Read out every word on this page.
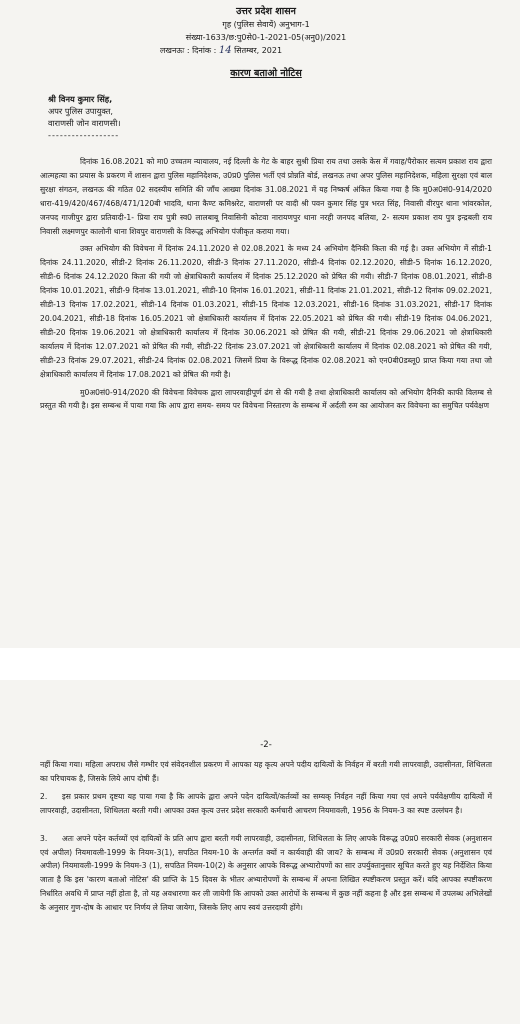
उत्तर प्रदेश शासन
गृह (पुलिस सेवायें) अनुभाग-1
संख्या-1633/छ:पु0से0-1-2021-05(अनु0)/2021
लखनऊः : दिनांक : 14 सितम्बर, 2021
कारण बताओ नोटिस
श्री विनय कुमार सिंह,
अपर पुलिस उपायुक्त,
वाराणसी जोन वाराणसी।
------------------

दिनांक 16.08.2021 को मा0 उच्चतम न्यायालय, नई दिल्ली के गेट के बाहर सुश्री प्रिया राय तथा उसके केस में गवाह/पैरोकार सत्यम प्रकाश राय द्वारा आत्महत्या का प्रयास के प्रकरण में शासन द्वारा पुलिस महानिदेशक, उ0प्र0 पुलिस भर्ती एवं प्रोन्नति बोर्ड, लखनऊ तथा अपर पुलिस महानिदेशक, महिला सुरक्षा एवं बाल सुरक्षा संगठन, लखनऊ की गठित 02 सदस्यीय समिति की जाँच आख्या दिनांक 31.08.2021 में यह निष्कर्ष अंकित किया गया है कि मु0अ0सं0-914/2020 धारा-419/420/467/468/471/120बी भादवि, थाना कैण्ट कमिश्नरेट, वाराणसी पर वादी श्री पवन कुमार सिंह पुत्र भरत सिंह, निवासी वीरपुर थाना भांवरकोल, जनपद गाजीपुर द्वारा प्रतिवादी-1- प्रिया राय पुत्री स्व0 लालबाबू निवासिनी कोटवा नारायणपुर थाना नरही जनपद बलिया, 2- सत्यम प्रकाश राय पुत्र इन्द्रबली राय निवासी लक्ष्मणपुर कालोनी थाना शिवपुर वाराणसी के विरूद्ध अभियोग पंजीकृत कराया गया।

उक्त अभियोग की विवेचना में दिनांक 24.11.2020 से 02.08.2021 के मध्य 24 अभियोग दैनिकी किता की गई है। उक्त अभियोग में सीडी-1 दिनांक 24.11.2020, सीडी-2 दिनांक 26.11.2020, सीडी-3 दिनांक 27.11.2020, सीडी-4 दिनांक 02.12.2020, सीडी-5 दिनांक 16.12.2020, सीडी-6 दिनांक 24.12.2020 किता की गयी जो क्षेत्राधिकारी कार्यालय में दिनांक 25.12.2020 को प्रेषित की गयी। सीडी-7 दिनांक 08.01.2021, सीडी-8 दिनांक 10.01.2021, सीडी-9 दिनांक 13.01.2021, सीडी-10 दिनांक 16.01.2021, सीडी-11 दिनांक 21.01.2021, सीडी-12 दिनांक 09.02.2021, सीडी-13 दिनांक 17.02.2021, सीडी-14 दिनांक 01.03.2021, सीडी-15 दिनांक 12.03.2021, सीडी-16 दिनांक 31.03.2021, सीडी-17 दिनांक 20.04.2021, सीडी-18 दिनांक 16.05.2021 जो क्षेत्राधिकारी कार्यालय में दिनांक 22.05.2021 को प्रेषित की गयी। सीडी-19 दिनांक 04.06.2021, सीडी-20 दिनांक 19.06.2021 जो क्षेत्राधिकारी कार्यालय में दिनांक 30.06.2021 को प्रेषित की गयी, सीडी-21 दिनांक 29.06.2021 जो क्षेत्राधिकारी कार्यालय में दिनांक 12.07.2021 को प्रेषित की गयी, सीडी-22 दिनांक 23.07.2021 जो क्षेत्राधिकारी कार्यालय में दिनांक 02.08.2021 को प्रेषित की गयी, सीडी-23 दिनांक 29.07.2021, सीडी-24 दिनांक 02.08.2021 जिसमें प्रिया के विरूद्ध दिनांक 02.08.2021 को एन0बी0डब्लू0 प्राप्त किया गया तथा जो क्षेत्राधिकारी कार्यालय में दिनांक 17.08.2021 को प्रेषित की गयी है।

मु0अ0सं0-914/2020 की विवेचना विवेचक द्वारा लापरवाहीपूर्ण ढंग से की गयी है तथा क्षेत्राधिकारी कार्यालय को अभियोग दैनिकी काफी विलम्ब से प्रस्तुत की गयी है। इस सम्बन्ध में पाया गया कि आप द्वारा समय- समय पर विवेचना निस्तारण के सम्बन्ध में अर्दली रुम का आयोजन कर विवेचना का समुचित पर्यवेक्षण

-2-

नहीं किया गया। महिला अपराध जैसे गम्भीर एवं संवेदनशील प्रकरण में आपका यह कृत्य अपने पदीय दायित्वों के निर्वहन में बरती गयी लापरवाही, उदासीनता, शिथिलता का परिचायक है, जिसके लिये आप दोषी हैं।

2. इस प्रकार प्रथम दृष्टया यह पाया गया है कि आपके द्वारा अपने पदेन दायित्वों/कर्तव्यों का सम्यक् निर्वहन नहीं किया गया एवं अपने पर्यवेक्षणीय दायित्वों में लापरवाही, उदासीनता, शिथिलता बरती गयी। आपका उक्त कृत्य उत्तर प्रदेश सरकारी कर्मचारी आचरण नियमावली, 1956 के नियम-3 का स्पष्ट उल्लंघन है।

3. अतः अपने पदेन कर्तव्यों एवं दायित्वों के प्रति आप द्वारा बरती गयी लापरवाही, उदासीनता, शिथिलता के लिए आपके विरूद्ध उ0प्र0 सरकारी सेवक (अनुशासन एवं अपील) नियमावली-1999 के नियम-3(1), सपठित नियम-10 के अन्तर्गत क्यों न कार्यवाही की जाय? के सम्बन्ध में उ0प्र0 सरकारी सेवक (अनुशासन एवं अपील) नियमावली-1999 के नियम-3 (1), सपठित नियम-10(2) के अनुसार आपके विरूद्ध अभ्यारोपणों का सार उपर्युक्तानुसार सूचित करते हुए यह निर्देशित किया जाता है कि इस 'कारण बताओ नोटिस' की प्राप्ति के 15 दिवस के भीतर अभ्यारोपणों के सम्बन्ध में अपना लिखित स्पष्टीकरण प्रस्तुत करें। यदि आपका स्पष्टीकरण निर्धारित अवधि में प्राप्त नहीं होता है, तो यह अवधारणा कर ली जायेगी कि आपको उक्त आरोपों के सम्बन्ध में कुछ नहीं कहना है और इस सम्बन्ध में उपलब्ध अभिलेखों के अनुसार गुण-दोष के आधार पर निर्णय ले लिया जायेगा, जिसके लिए आप स्वयं उत्तरदायी होंगे।
